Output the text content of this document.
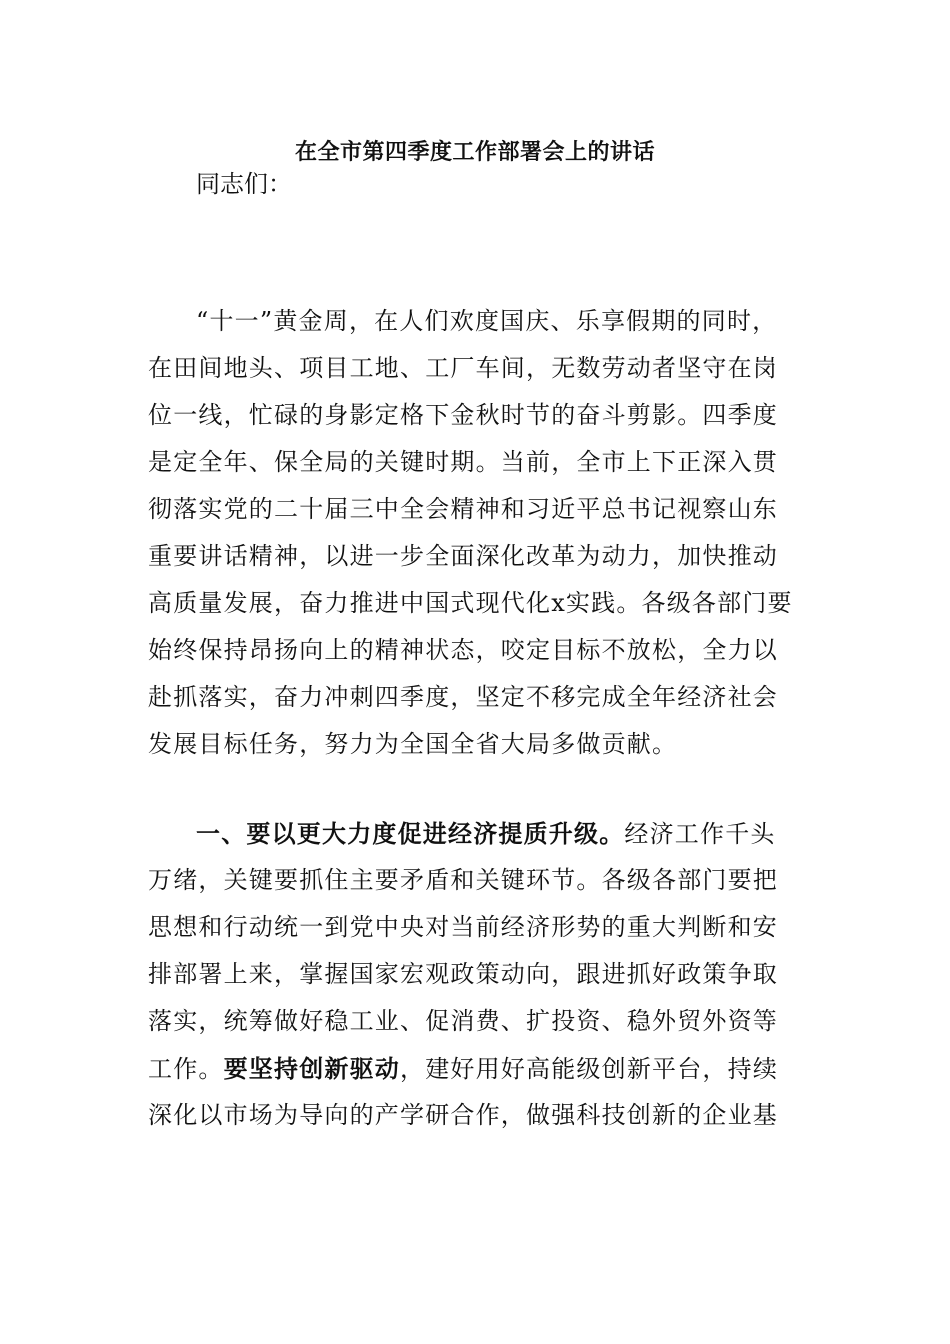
在全市第四季度工作部署会上的讲话
同志们：
“十一”黄金周，在人们欢度国庆、乐享假期的同时，
在田间地头、项目工地、工厂车间，无数劳动者坚守在岗
位一线，忙碌的身影定格下金秋时节的奋斗剪影。四季度
是定全年、保全局的关键时期。当前，全市上下正深入贯
彻落实党的二十届三中全会精神和习近平总书记视察山东
重要讲话精神，以进一步全面深化改革为动力，加快推动
高质量发展，奋力推进中国式现代化x实践。各级各部门要
始终保持昂扬向上的精神状态，咬定目标不放松，全力以
赴抓落实，奋力冲刺四季度，坚定不移完成全年经济社会
发展目标任务，努力为全国全省大局多做贡献。
一、要以更大力度促进经济提质升级。经济工作千头
万绪，关键要抓住主要矛盾和关键环节。各级各部门要把
思想和行动统一到党中央对当前经济形势的重大判断和安
排部署上来，掌握国家宏观政策动向，跟进抓好政策争取
落实，统筹做好稳工业、促消费、扩投资、稳外贸外资等
工作。要坚持创新驱动，建好用好高能级创新平台，持续
深化以市场为导向的产学研合作，做强科技创新的企业基
